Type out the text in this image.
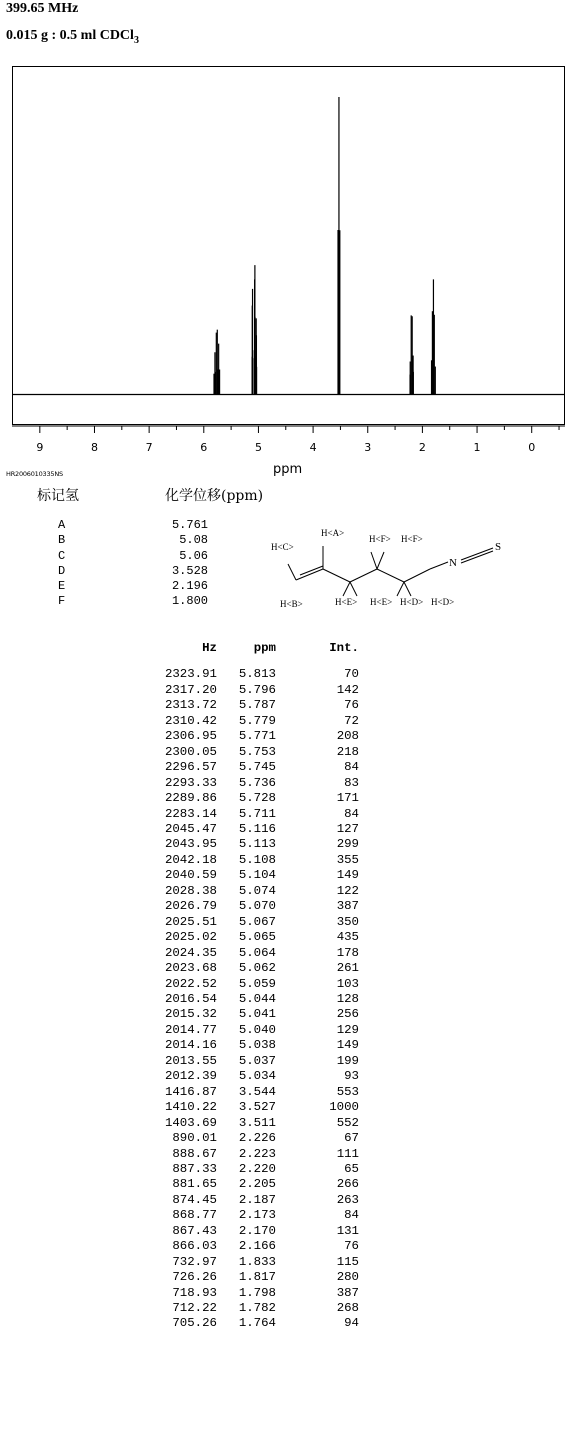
399.65 MHz
0.015 g : 0.5 ml CDCl$_3$
9	8	7	6	5	4	3	2	1	0
ppm
HR2006010335NS
标记氢	化学位移(ppm)
A	5.761
B	5.08
C	5.06
D	3.528
E	2.196
F	1.800
H<C>
H<A>
H<F> H<F>
H<B>	H<E> H<E> H<D> H<D>
N
S
Hz	ppm	Int.
2323.91	5.813	70
2317.20	5.796	142
2313.72	5.787	76
2310.42	5.779	72
2306.95	5.771	208
2300.05	5.753	218
2296.57	5.745	84
2293.33	5.736	83
2289.86	5.728	171
2283.14	5.711	84
2045.47	5.116	127
2043.95	5.113	299
2042.18	5.108	355
2040.59	5.104	149
2028.38	5.074	122
2026.79	5.070	387
2025.51	5.067	350
2025.02	5.065	435
2024.35	5.064	178
2023.68	5.062	261
2022.52	5.059	103
2016.54	5.044	128
2015.32	5.041	256
2014.77	5.040	129
2014.16	5.038	149
2013.55	5.037	199
2012.39	5.034	93
1416.87	3.544	553
1410.22	3.527	1000
1403.69	3.511	552
890.01	2.226	67
888.67	2.223	111
887.33	2.220	65
881.65	2.205	266
874.45	2.187	263
868.77	2.173	84
867.43	2.170	131
866.03	2.166	76
732.97	1.833	115
726.26	1.817	280
718.93	1.798	387
712.22	1.782	268
705.26	1.764	94
